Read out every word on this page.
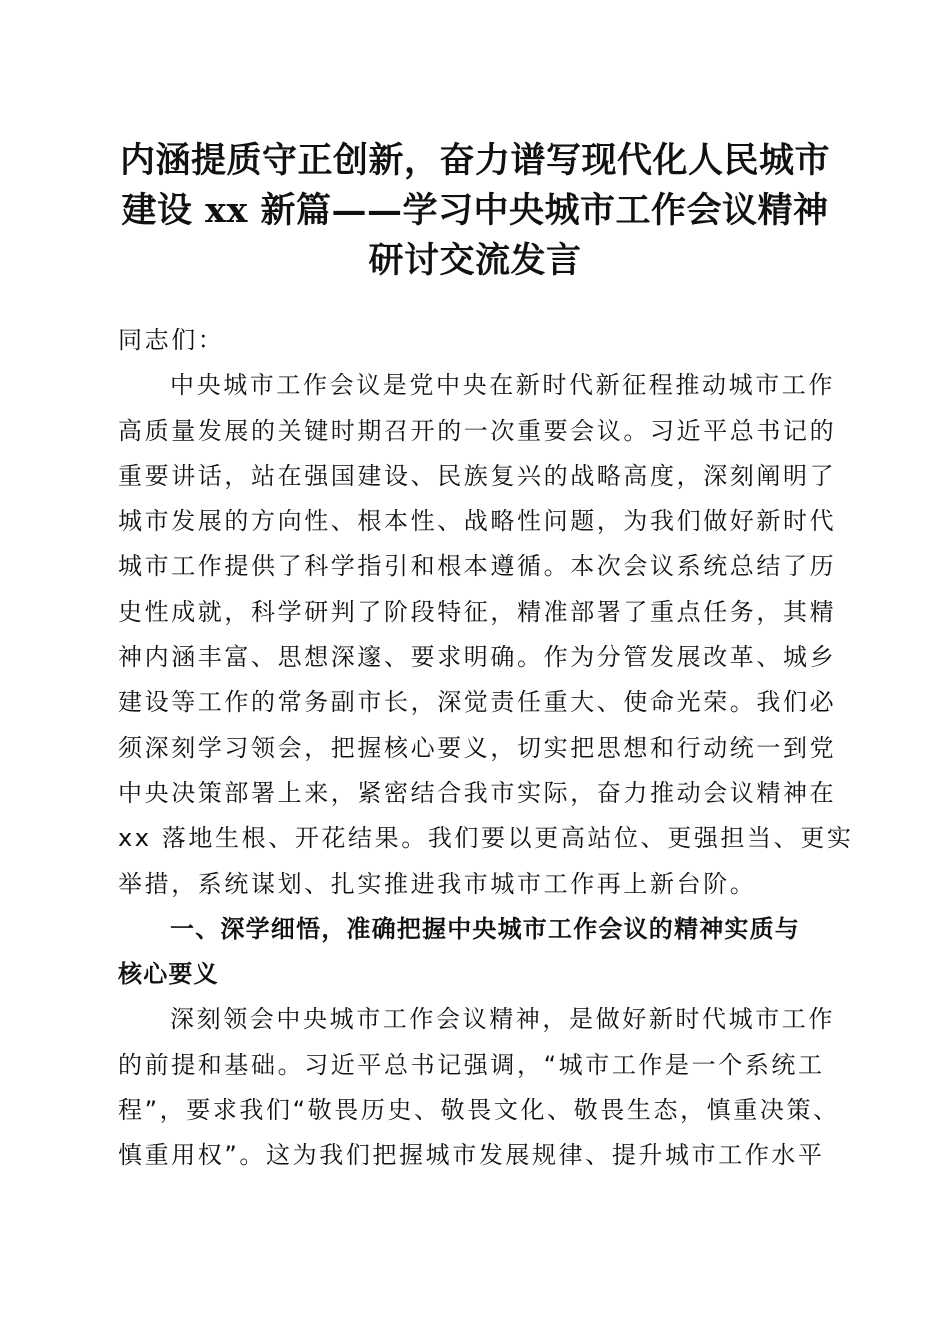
内涵提质守正创新，奋力谱写现代化人民城市
建设 xx 新篇——学习中央城市工作会议精神
研讨交流发言
同志们：
中央城市工作会议是党中央在新时代新征程推动城市工作
高质量发展的关键时期召开的一次重要会议。习近平总书记的
重要讲话，站在强国建设、民族复兴的战略高度，深刻阐明了
城市发展的方向性、根本性、战略性问题，为我们做好新时代
城市工作提供了科学指引和根本遵循。本次会议系统总结了历
史性成就，科学研判了阶段特征，精准部署了重点任务，其精
神内涵丰富、思想深邃、要求明确。作为分管发展改革、城乡
建设等工作的常务副市长，深觉责任重大、使命光荣。我们必
须深刻学习领会，把握核心要义，切实把思想和行动统一到党
中央决策部署上来，紧密结合我市实际，奋力推动会议精神在
xx 落地生根、开花结果。我们要以更高站位、更强担当、更实
举措，系统谋划、扎实推进我市城市工作再上新台阶。
一、深学细悟，准确把握中央城市工作会议的精神实质与
核心要义
深刻领会中央城市工作会议精神，是做好新时代城市工作
的前提和基础。习近平总书记强调，“城市工作是一个系统工
程”，要求我们“敬畏历史、敬畏文化、敬畏生态，慎重决策、
慎重用权”。这为我们把握城市发展规律、提升城市工作水平
